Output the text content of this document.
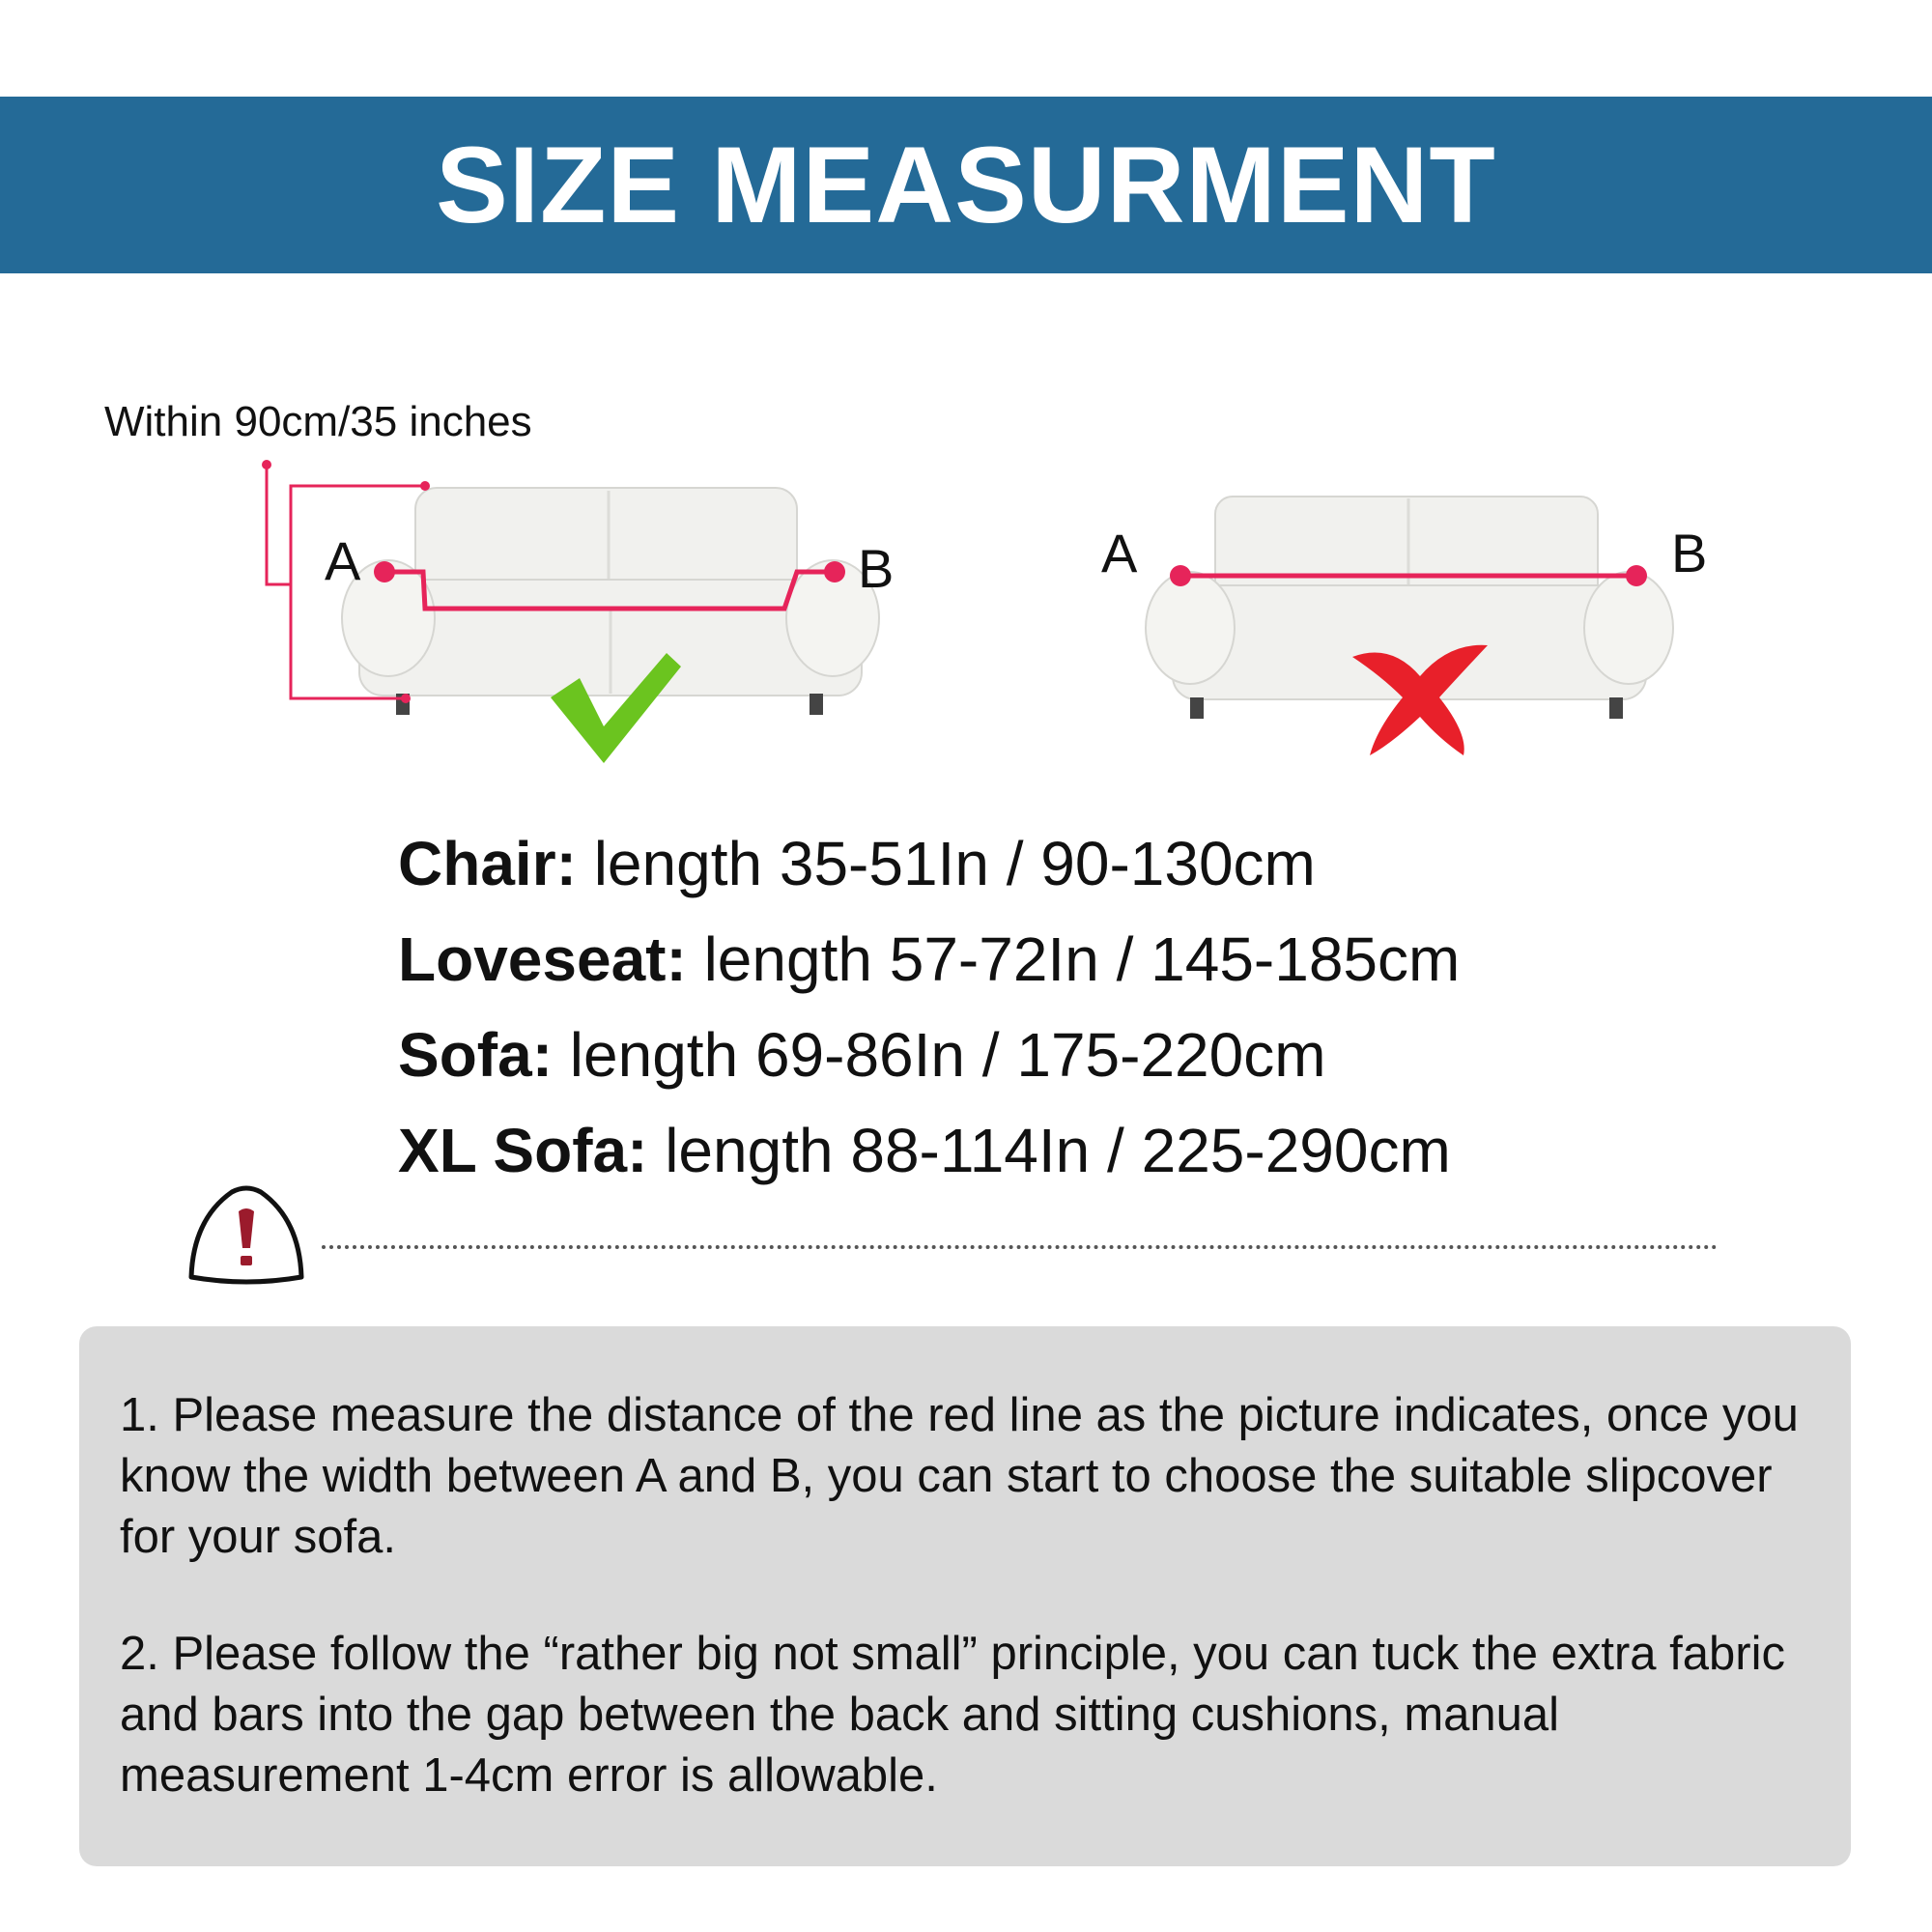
SIZE MEASURMENT
Within 90cm/35 inches
A	B	A	B
Chair: length 35-51In / 90-130cm
Loveseat: length 57-72In / 145-185cm
Sofa: length 69-86In / 175-220cm
XL Sofa: length 88-114In / 225-290cm
1. Please measure the distance of the red line as the picture indicates, once you know the width between A and B, you can start to choose the suitable slipcover for your sofa.
2. Please follow the “rather big not small” principle, you can tuck the extra fabric and bars into the gap between the back and sitting cushions, manual measurement 1-4cm error is allowable.
